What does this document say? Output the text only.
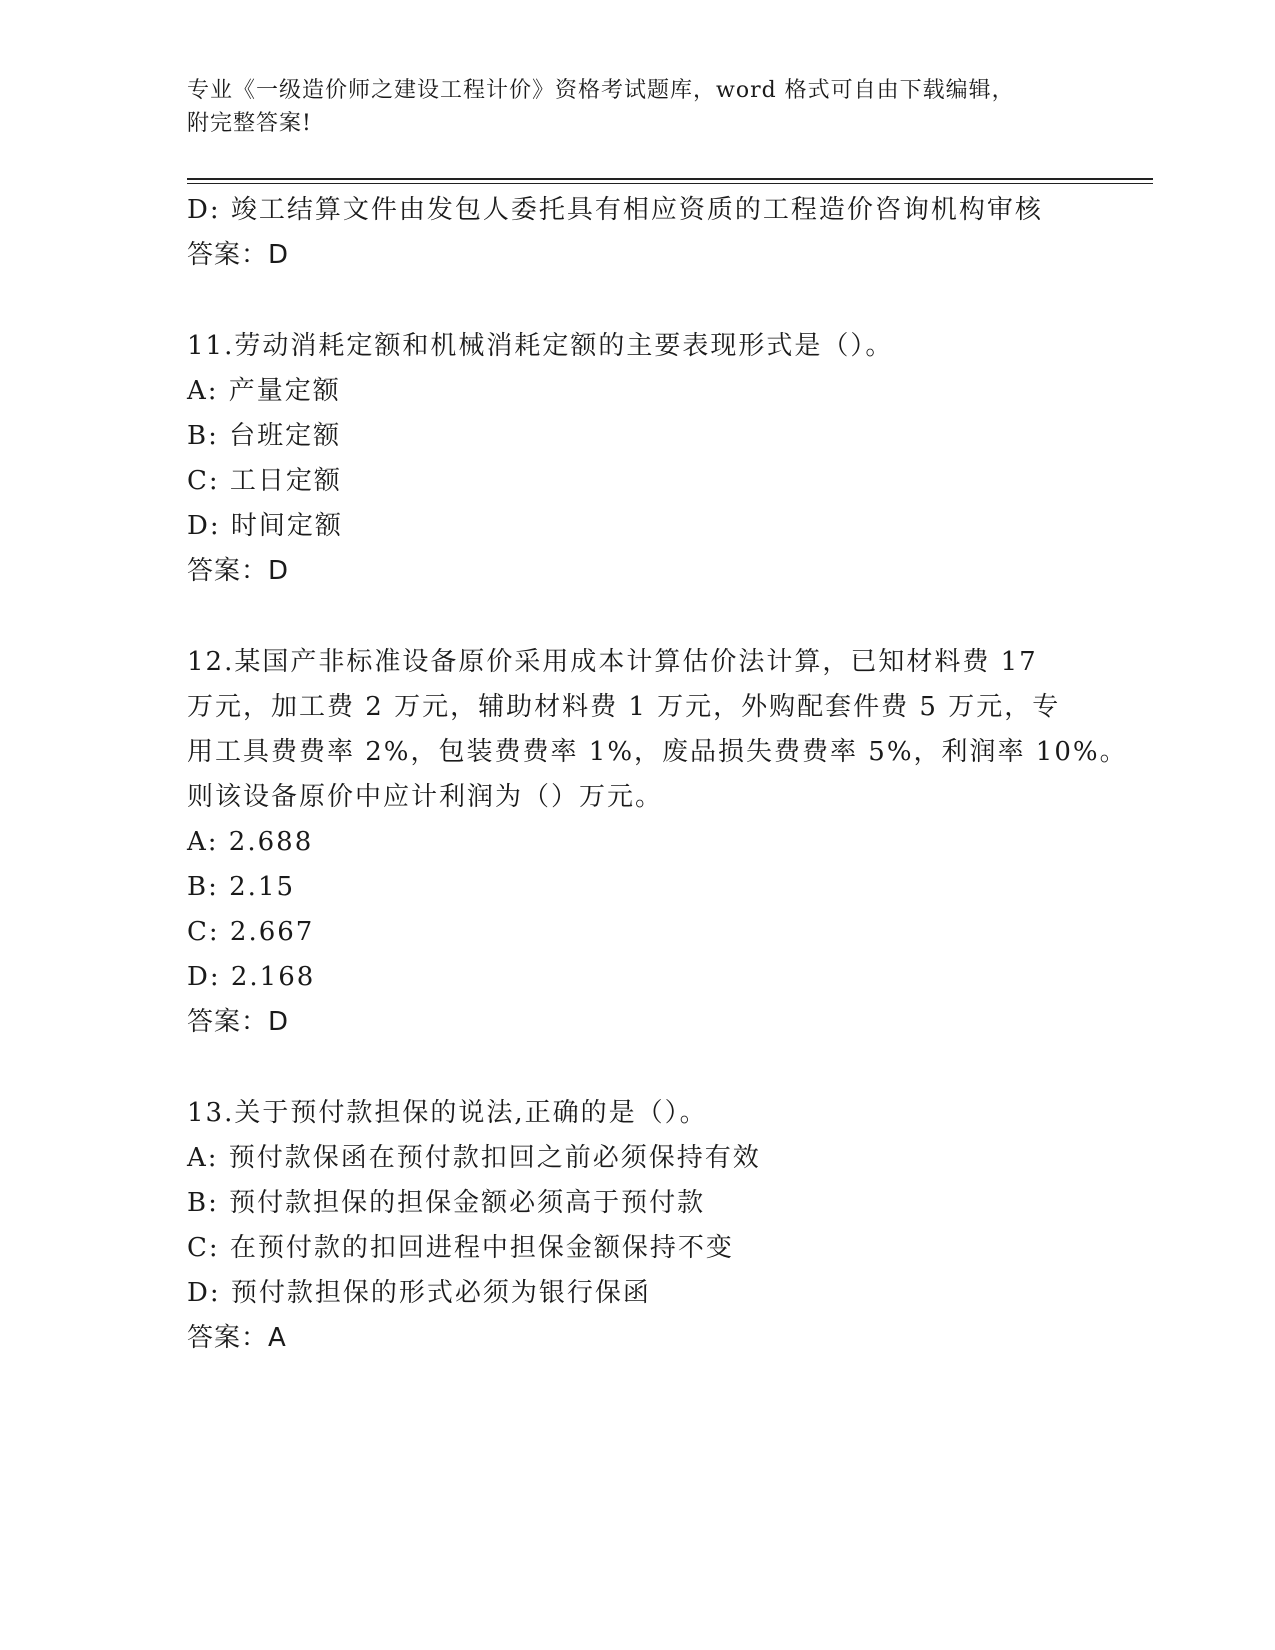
专业《一级造价师之建设工程计价》资格考试题库，word 格式可自由下载编辑，
附完整答案!
D: 竣工结算文件由发包人委托具有相应资质的工程造价咨询机构审核
答案：D
11.劳动消耗定额和机械消耗定额的主要表现形式是（）。
A: 产量定额
B: 台班定额
C: 工日定额
D: 时间定额
答案：D
12.某国产非标准设备原价采用成本计算估价法计算，已知材料费 17
万元，加工费 2 万元，辅助材料费 1 万元，外购配套件费 5 万元，专
用工具费费率 2%，包装费费率 1%，废品损失费费率 5%，利润率 10%。
则该设备原价中应计利润为（）万元。
A: 2.688
B: 2.15
C: 2.667
D: 2.168
答案：D
13.关于预付款担保的说法,正确的是（）。
A: 预付款保函在预付款扣回之前必须保持有效
B: 预付款担保的担保金额必须高于预付款
C: 在预付款的扣回进程中担保金额保持不变
D: 预付款担保的形式必须为银行保函
答案：A
